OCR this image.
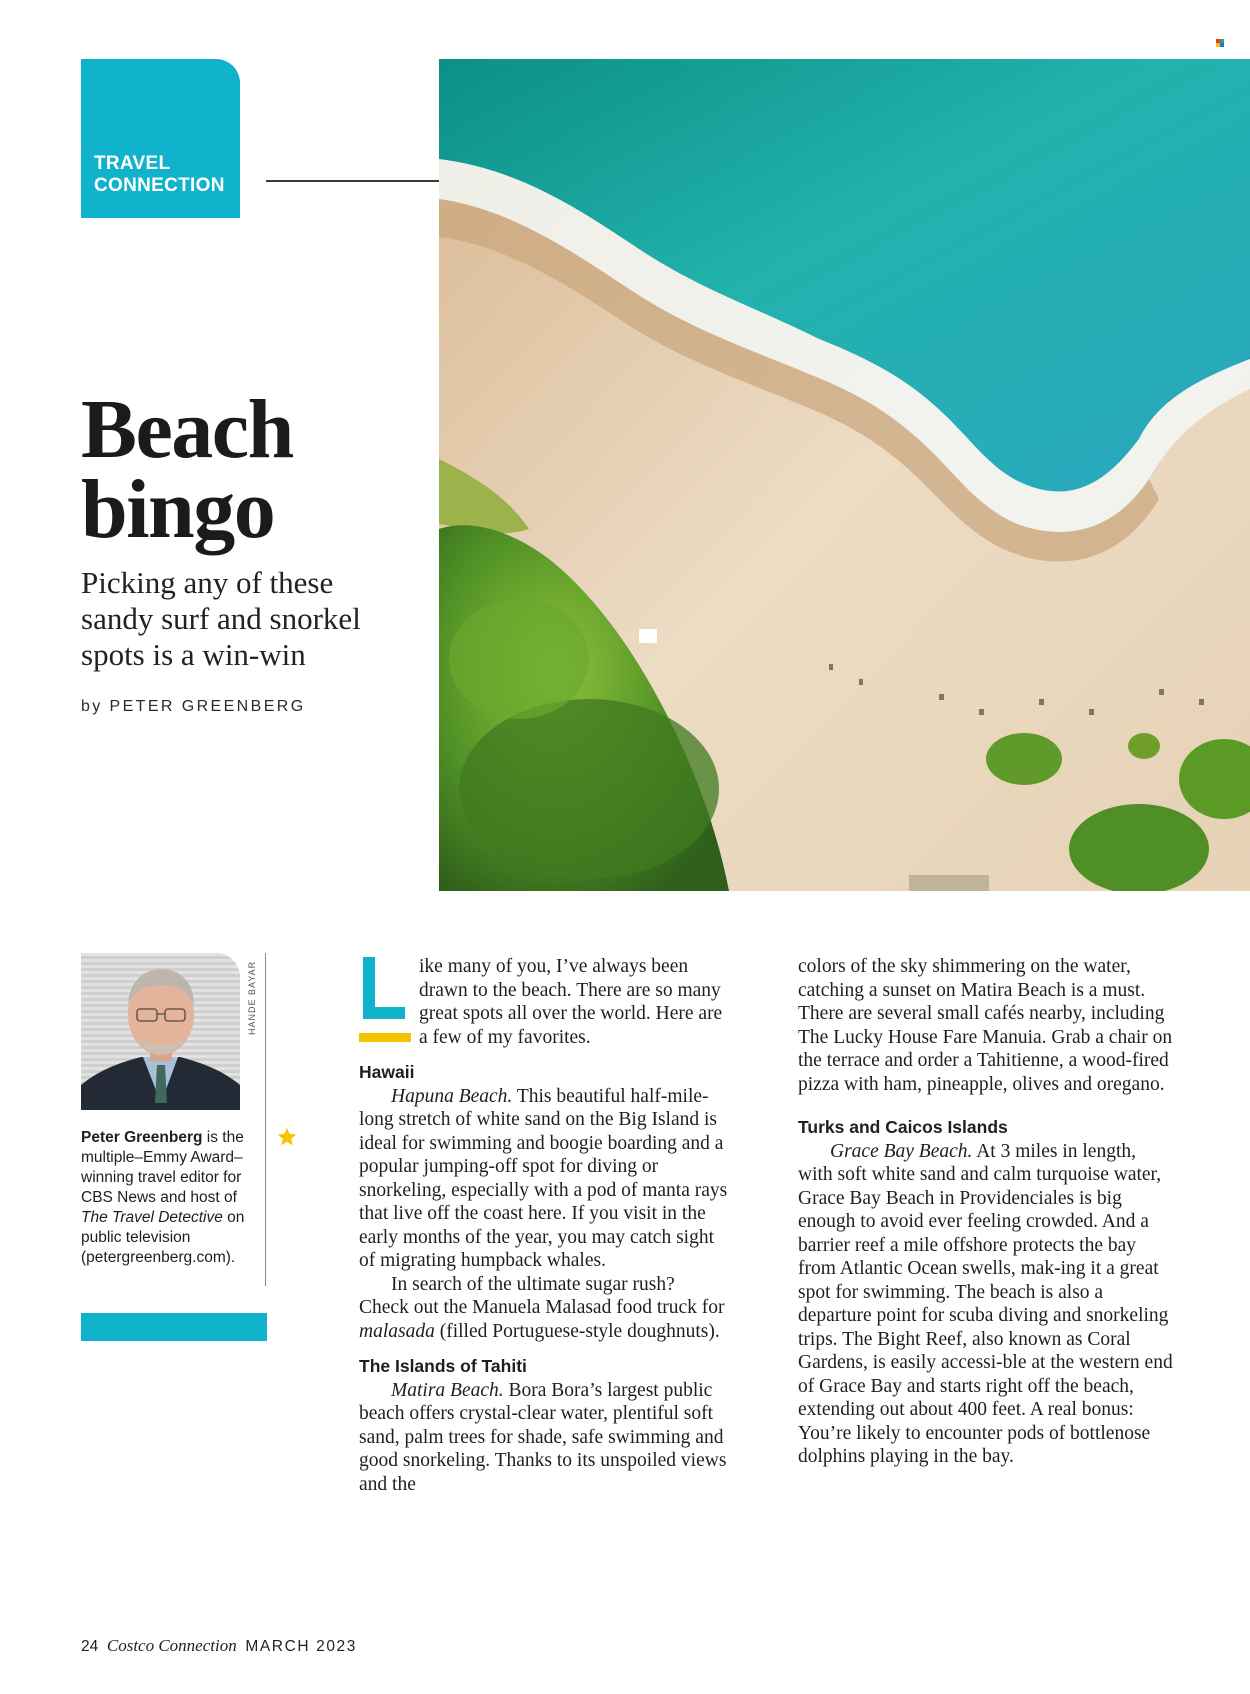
TRAVEL
CONNECTION
Beach
bingo
Picking any of these
sandy surf and snorkel
spots is a win-win
by PETER GREENBERG
HANDE BAYAR
Peter Greenberg is the multiple–Emmy Award–winning travel editor for CBS News and host of The Travel Detective on public television (petergreenberg.com).

ike many of you, I’ve always been drawn to the beach. There are so many great spots all over the world. Here are a few of my favorites.

Hawaii

Hapuna Beach. This beautiful half-mile-long stretch of white sand on the Big Island is ideal for swimming and boogie boarding and a popular jumping-off spot for diving or snorkeling, especially with a pod of manta rays that live off the coast here. If you visit in the early months of the year, you may catch sight of migrating humpback whales.

In search of the ultimate sugar rush? Check out the Manuela Malasad food truck for malasada (filled Portuguese-style doughnuts).

The Islands of Tahiti

Matira Beach. Bora Bora’s largest public beach offers crystal-clear water, plentiful soft sand, palm trees for shade, safe swimming and good snorkeling. Thanks to its unspoiled views and the

colors of the sky shimmering on the water, catching a sunset on Matira Beach is a must. There are several small cafés nearby, including The Lucky House Fare Manuia. Grab a chair on the terrace and order a Tahitienne, a wood-fired pizza with ham, pineapple, olives and oregano.

Turks and Caicos Islands

Grace Bay Beach. At 3 miles in length, with soft white sand and calm turquoise water, Grace Bay Beach in Providenciales is big enough to avoid ever feeling crowded. And a barrier reef a mile offshore protects the bay from Atlantic Ocean swells, mak-ing it a great spot for swimming. The beach is also a departure point for scuba diving and snorkeling trips. The Bight Reef, also known as Coral Gardens, is easily accessi-ble at the western end of Grace Bay and starts right off the beach, extending out about 400 feet. A real bonus: You’re likely to encounter pods of bottlenose dolphins playing in the bay.

24 Costco Connection MARCH 2023
